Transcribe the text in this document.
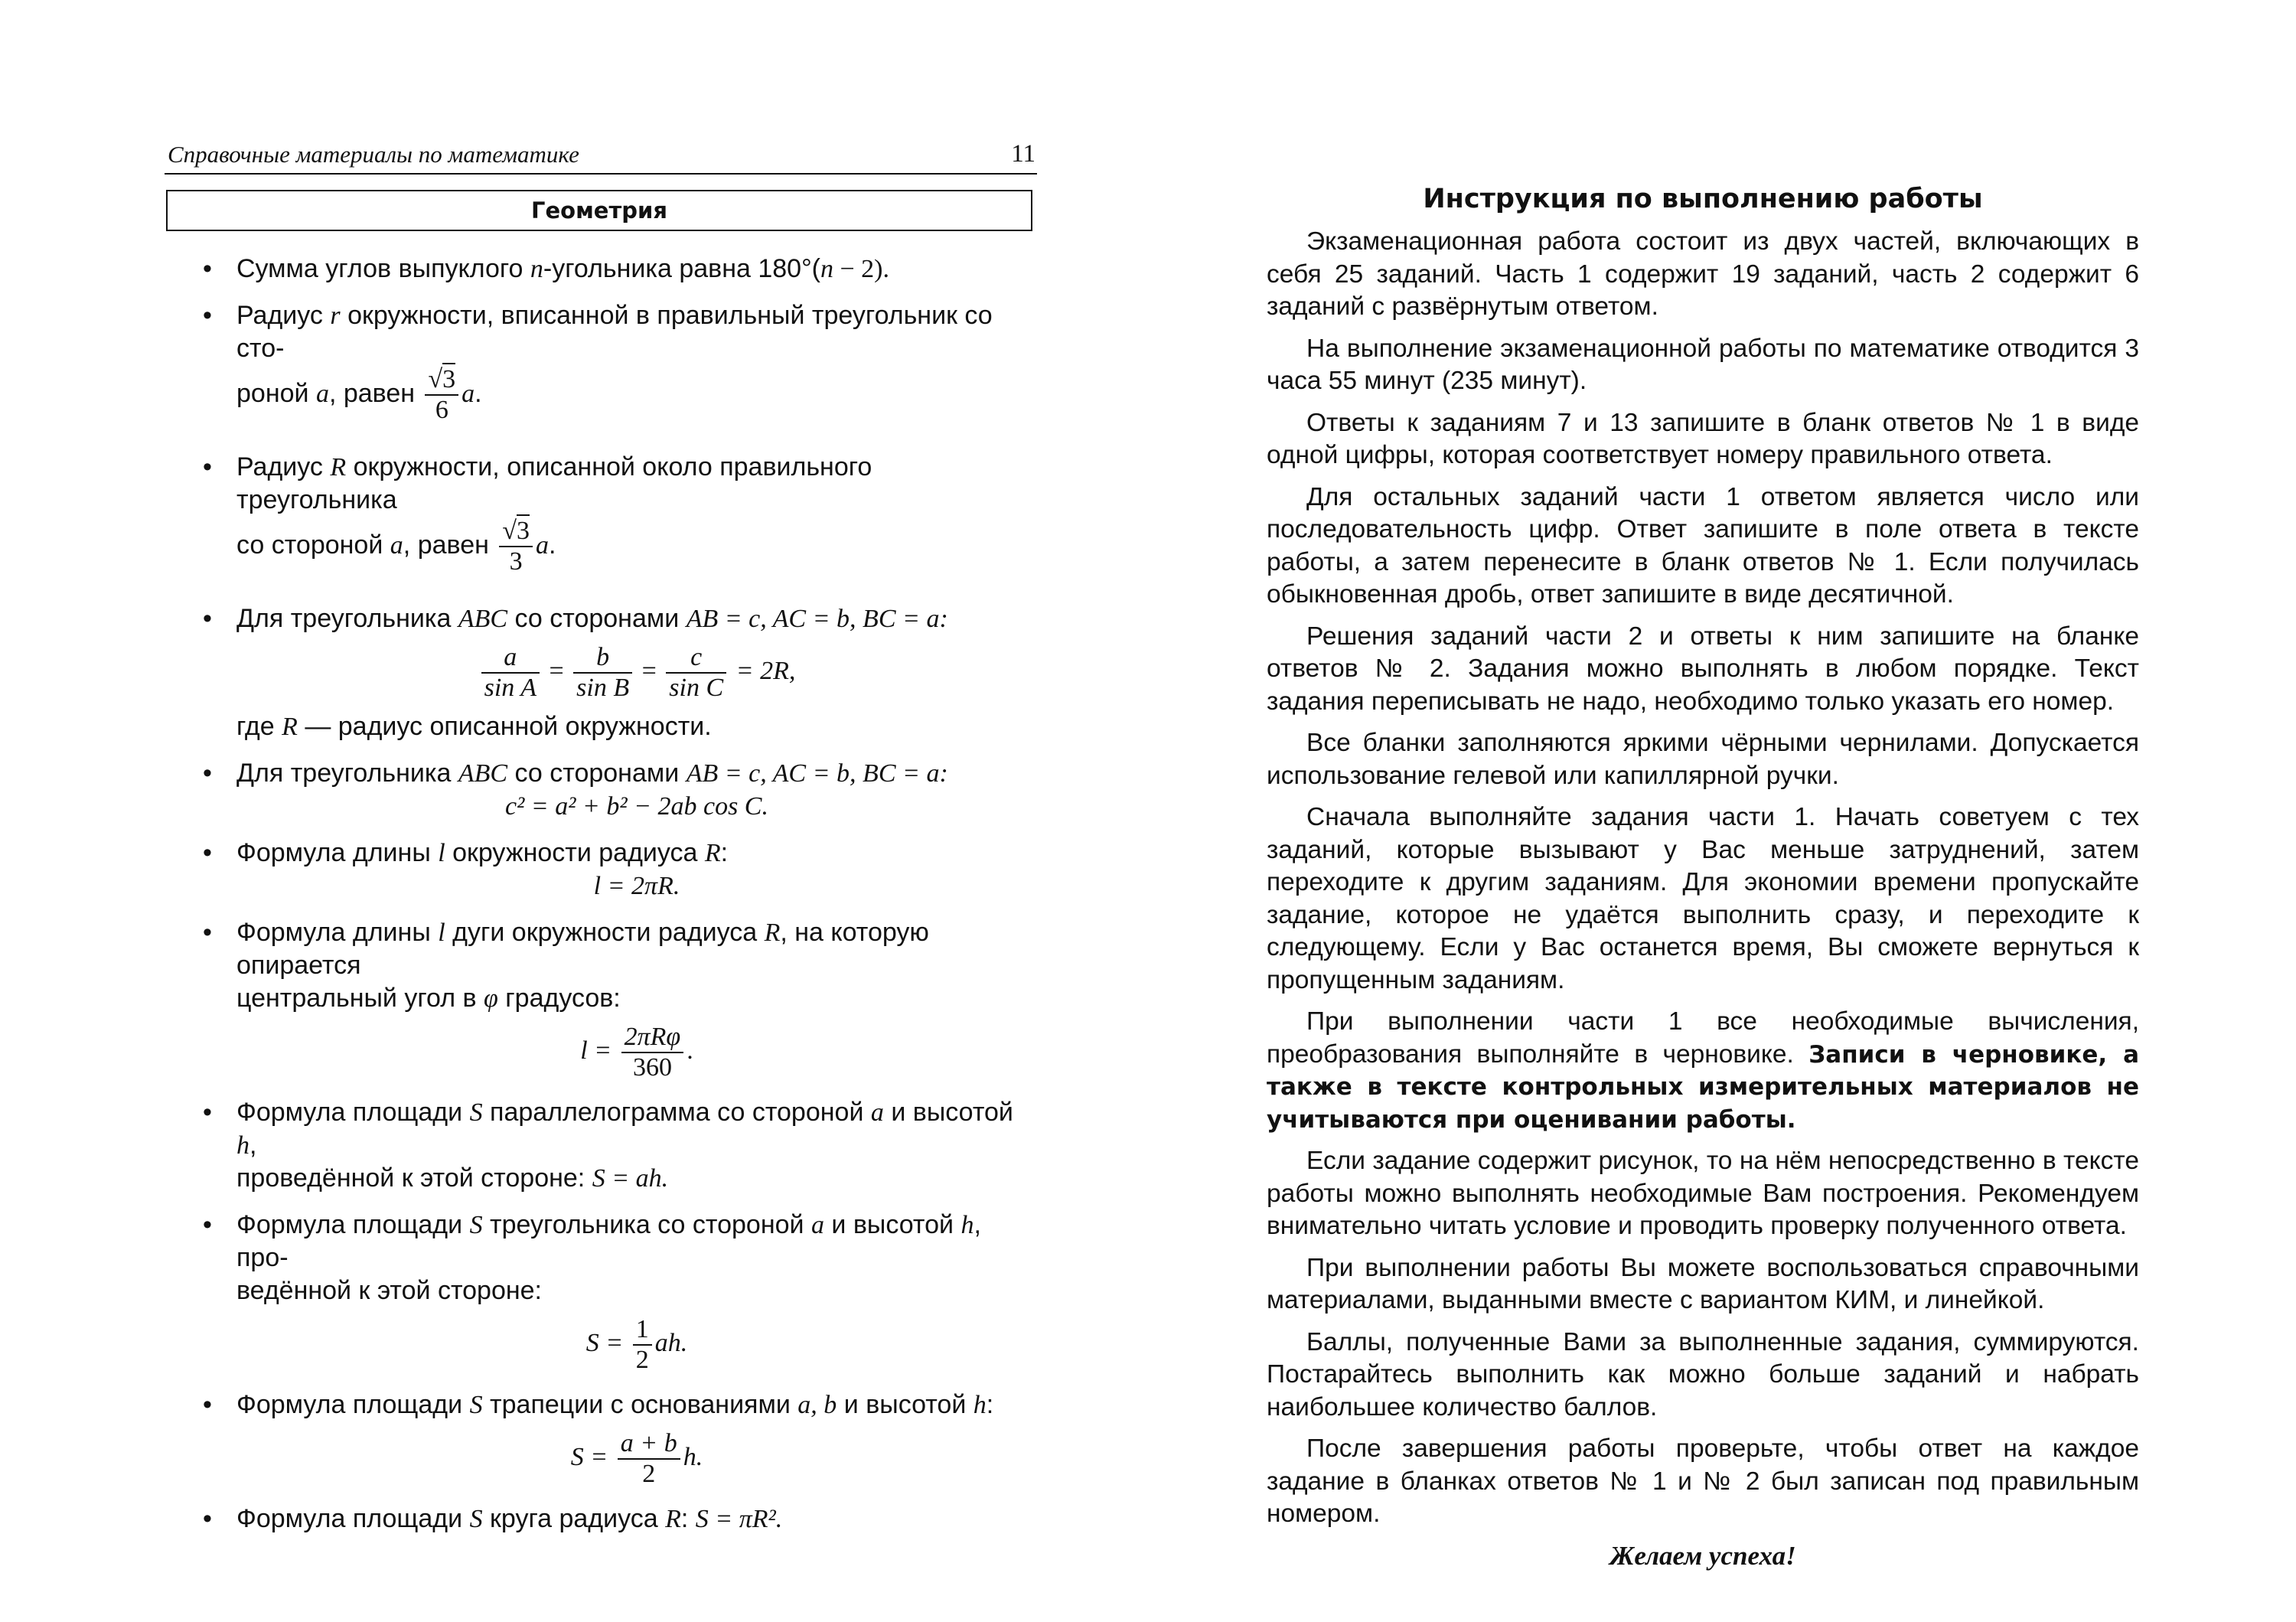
Справочные материалы по математике	11
Геометрия
• Сумма углов выпуклого n-угольника равна 180°(n − 2).
• Радиус r окружности, вписанной в правильный треугольник со сто-
роной a, равен $\frac{√3}{6} a$.
• Радиус R окружности, описанной около правильного треугольника
со стороной a, равен $\frac{√3}{3} a$.
• Для треугольника ABC со сторонами AB = c, AC = b, BC = a:
$\frac{a}{\text{sin A}} = \frac{b}{\text{sin B}} = \frac{c}{\text{sin C}} = 2R$,
где R — радиус описанной окружности.
• Для треугольника ABC со сторонами AB = c, AC = b, BC = a:
c² = a² + b² − 2ab cos C.
• Формула длины l окружности радиуса R:
l = 2πR.
• Формула длины l дуги окружности радиуса R, на которую опирается
центральный угол в φ градусов:
$l = \frac{\text{2πRφ}}{360}$ .
• Формула площади S параллелограмма со стороной a и высотой h,
проведённой к этой стороне: S = ah.
• Формула площади S треугольника со стороной a и высотой h, про-
ведённой к этой стороне:
$S = \frac{1}{2}$ ah.
• Формула площади S трапеции с основаниями a, b и высотой h:
$S = \frac{a + b}{2} h$.
• Формула площади S круга радиуса R: S = πR².
Инструкция по выполнению работы

Экзаменационная работа состоит из двух частей, включающих в себя 25 заданий. Часть 1 содержит 19 заданий, часть 2 содержит 6 заданий с развёрнутым ответом.

На выполнение экзаменационной работы по математике отводится 3 часа 55 минут (235 минут).

Ответы к заданиям 7 и 13 запишите в бланк ответов № 1 в виде одной цифры, которая соответствует номеру правильного ответа.

Для остальных заданий части 1 ответом является число или последовательность цифр. Ответ запишите в поле ответа в тексте работы, а затем перенесите в бланк ответов № 1. Если получилась обыкновенная дробь, ответ запишите в виде десятичной.

Решения заданий части 2 и ответы к ним запишите на бланке ответов № 2. Задания можно выполнять в любом порядке. Текст задания переписывать не надо, необходимо только указать его номер.

Все бланки заполняются яркими чёрными чернилами. Допускается использование гелевой или капиллярной ручки.

Сначала выполняйте задания части 1. Начать советуем с тех заданий, которые вызывают у Вас меньше затруднений, затем переходите к другим заданиям. Для экономии времени пропускайте задание, которое не удаётся выполнить сразу, и переходите к следующему. Если у Вас останется время, Вы сможете вернуться к пропущенным заданиям.

При выполнении части 1 все необходимые вычисления, преобразования выполняйте в черновике. Записи в черновике, а также в тексте контрольных измерительных материалов не учитываются при оценивании работы.

Если задание содержит рисунок, то на нём непосредственно в тексте работы можно выполнять необходимые Вам построения. Рекомендуем внимательно читать условие и проводить проверку полученного ответа.

При выполнении работы Вы можете воспользоваться справочными материалами, выданными вместе с вариантом КИМ, и линейкой.

Баллы, полученные Вами за выполненные задания, суммируются. Постарайтесь выполнить как можно больше заданий и набрать наибольшее количество баллов.

После завершения работы проверьте, чтобы ответ на каждое задание в бланках ответов № 1 и № 2 был записан под правильным номером.

Желаем успеха!
